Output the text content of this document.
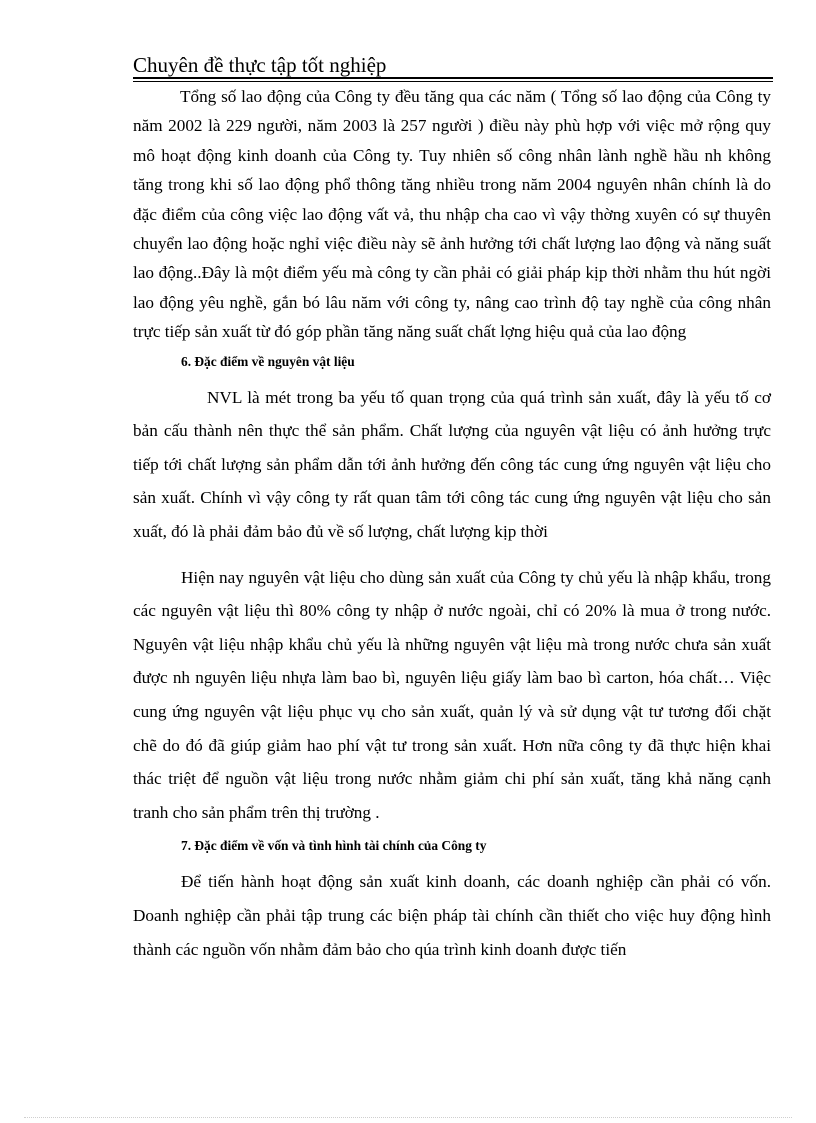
Chuyên đề thực tập tốt nghiệp

Tổng số lao động của Công ty đều tăng qua các năm ( Tổng số lao động của Công ty năm 2002 là 229 người, năm 2003 là 257 người ) điều này phù hợp với việc mở rộng quy mô hoạt động kinh doanh của Công ty. Tuy nhiên số công nhân lành nghề hầu nh không tăng trong khi số lao động phổ thông tăng nhiều trong năm 2004 nguyên nhân chính là do đặc điểm của công việc lao động vất vả, thu nhập cha cao vì vậy thờng xuyên có sự thuyên chuyển lao động hoặc nghỉ việc điều này sẽ ảnh hưởng tới chất lượng lao động và năng suất lao động..Đây là một điểm yếu mà công ty cần phải có giải pháp kịp thời nhằm thu hút ngời lao động yêu nghề, gắn bó lâu năm với công ty, nâng cao trình độ tay nghề của công nhân trực tiếp sản xuất từ đó góp phần tăng năng suất chất lợng hiệu quả của lao động

6. Đặc điểm về nguyên vật liệu

NVL là mét trong ba yếu tố quan trọng của quá trình sản xuất, đây là yếu tố cơ bản cấu thành nên thực thể sản phẩm. Chất lượng của nguyên vật liệu có ảnh hưởng trực tiếp tới chất lượng sản phẩm dẫn tới ảnh hưởng đến công tác cung ứng nguyên vật liệu cho sản xuất. Chính vì vậy công ty rất quan tâm tới công tác cung ứng nguyên vật liệu cho sản xuất, đó là phải đảm bảo đủ về số lượng, chất lượng kịp thời

Hiện nay nguyên vật liệu cho dùng sản xuất của Công ty chủ yếu là nhập khẩu, trong các nguyên vật liệu thì 80% công ty nhập ở nước ngoài, chỉ có 20% là mua ở trong nước. Nguyên vật liệu nhập khẩu chủ yếu là những nguyên vật liệu mà trong nước chưa sản xuất được nh nguyên liệu nhựa làm bao bì, nguyên liệu giấy làm bao bì carton, hóa chất… Việc cung ứng nguyên vật liệu phục vụ cho sản xuất, quản lý và sử dụng vật tư tương đối chặt chẽ do đó đã giúp giảm hao phí vật tư trong sản xuất. Hơn nữa công ty đã thực hiện khai thác triệt để nguồn vật liệu trong nước nhằm giảm chi phí sản xuất, tăng khả năng cạnh tranh cho sản phẩm trên thị trường .

7. Đặc điểm về vốn và tình hình tài chính của Công ty

Để tiến hành hoạt động sản xuất kinh doanh, các doanh nghiệp cần phải có vốn. Doanh nghiệp cần phải tập trung các biện pháp tài chính cần thiết cho việc huy động hình thành các nguồn vốn nhằm đảm bảo cho qúa trình kinh doanh được tiến
